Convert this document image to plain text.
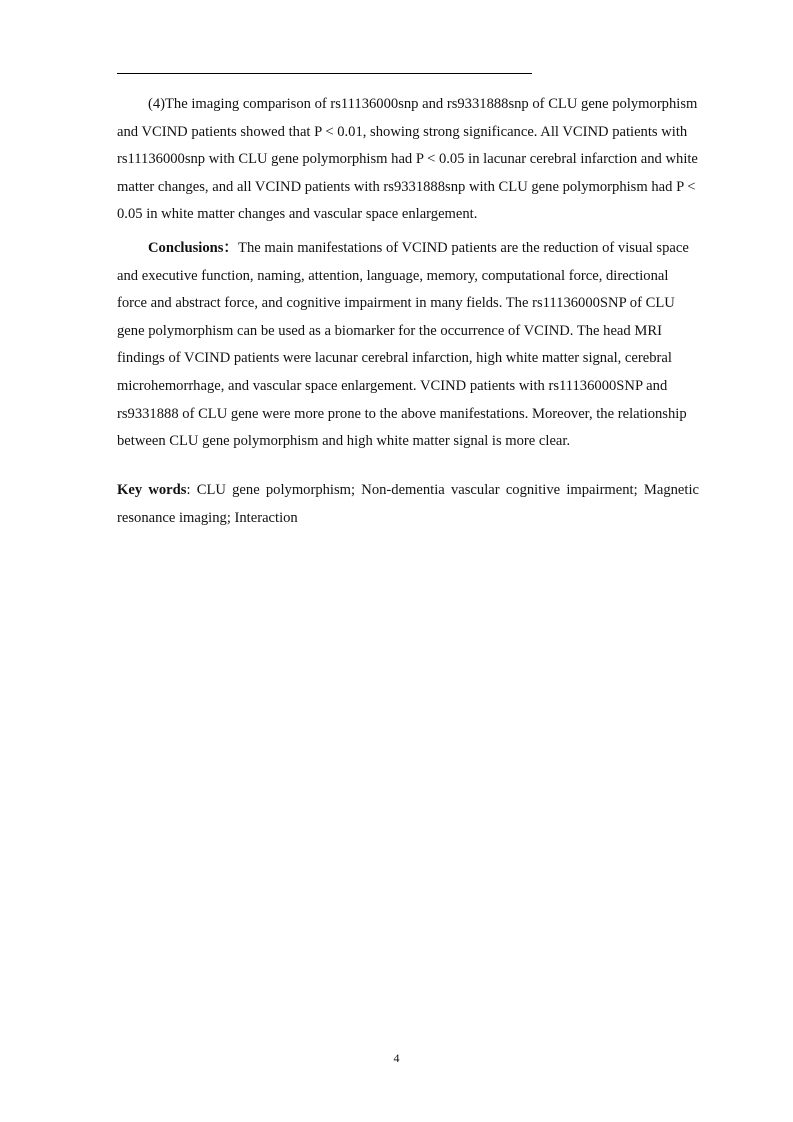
(4)The imaging comparison of rs11136000snp and rs9331888snp of CLU gene polymorphism and VCIND patients showed that P < 0.01, showing strong significance. All VCIND patients with rs11136000snp with CLU gene polymorphism had P < 0.05 in lacunar cerebral infarction and white matter changes, and all VCIND patients with rs9331888snp with CLU gene polymorphism had P < 0.05 in white matter changes and vascular space enlargement.

Conclusions：The main manifestations of VCIND patients are the reduction of visual space and executive function, naming, attention, language, memory, computational force, directional force and abstract force, and cognitive impairment in many fields. The rs11136000SNP of CLU gene polymorphism can be used as a biomarker for the occurrence of VCIND. The head MRI findings of VCIND patients were lacunar cerebral infarction, high white matter signal, cerebral microhemorrhage, and vascular space enlargement. VCIND patients with rs11136000SNP and rs9331888 of CLU gene were more prone to the above manifestations. Moreover, the relationship between CLU gene polymorphism and high white matter signal is more clear.

Key words: CLU gene polymorphism; Non-dementia vascular cognitive impairment; Magnetic resonance imaging; Interaction

4
